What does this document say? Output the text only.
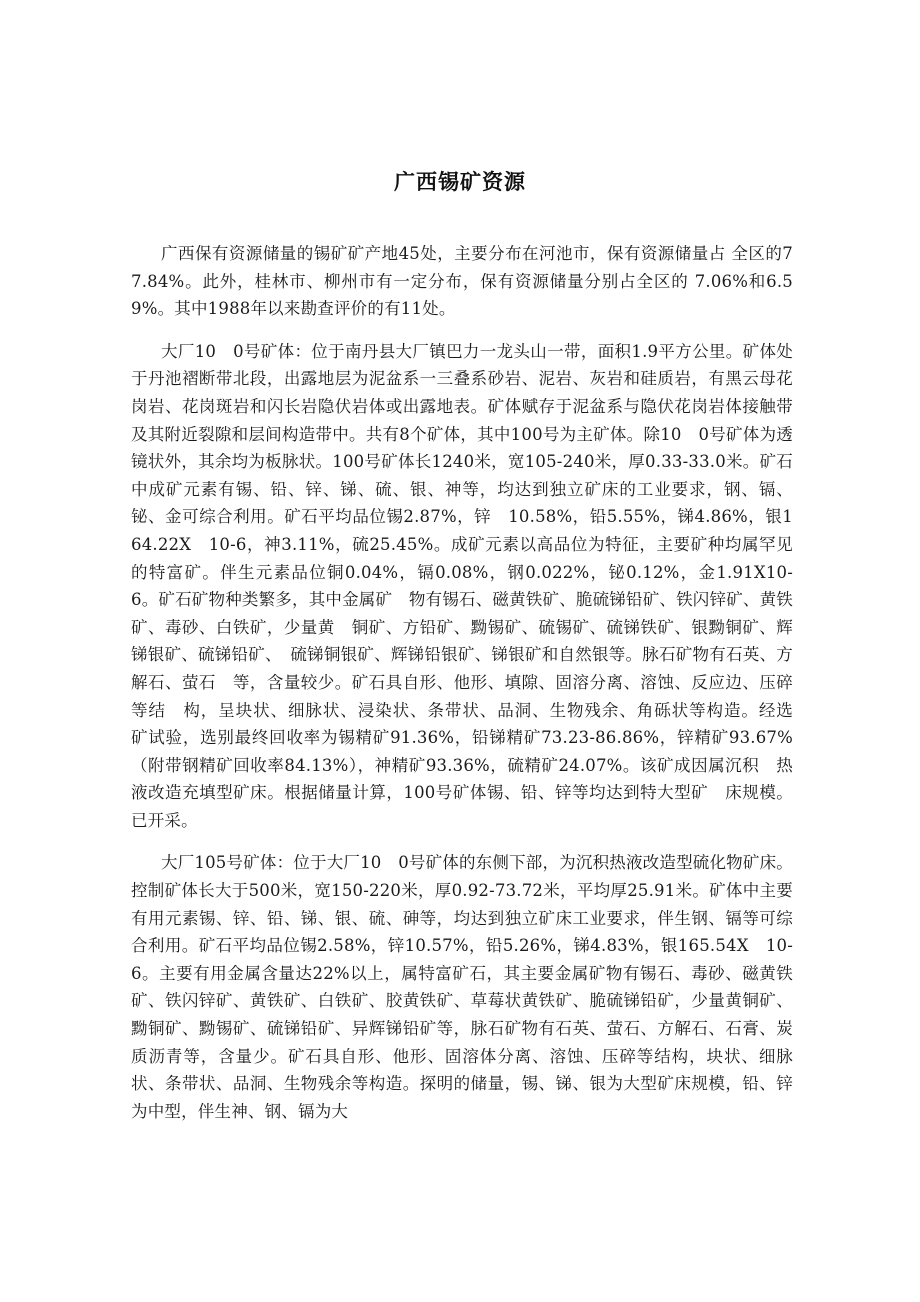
广西锡矿资源

广西保有资源储量的锡矿矿产地45处，主要分布在河池市，保有资源储量占 全区的77.84%。此外，桂林市、柳州市有一定分布，保有资源储量分别占全区的 7.06%和6.59%。其中1988年以来勘查评价的有11处。

大厂10　0号矿体：位于南丹县大厂镇巴力一龙头山一带，面积1.9平方公里。矿体处于丹池褶断带北段，出露地层为泥盆系一三叠系砂岩、泥岩、灰岩和硅质岩，有黑云母花岗岩、花岗斑岩和闪长岩隐伏岩体或出露地表。矿体赋存于泥盆系与隐伏花岗岩体接触带及其附近裂隙和层间构造带中。共有8个矿体，其中100号为主矿体。除10　0号矿体为透镜状外，其余均为板脉状。100号矿体长1240米，宽105-240米，厚0.33-33.0米。矿石中成矿元素有锡、铅、锌、锑、硫、银、神等，均达到独立矿床的工业要求，钢、镉、铋、金可综合利用。矿石平均品位锡2.87%，锌　10.58%，铅5.55%，锑4.86%，银164.22X　10-6，神3.11%，硫25.45%。成矿元素以高品位为特征，主要矿种均属罕见的特富矿。伴生元素品位铜0.04%，镉0.08%，钢0.022%，铋0.12%，金1.91X10-6。矿石矿物种类繁多，其中金属矿　物有锡石、磁黄铁矿、脆硫锑铅矿、铁闪锌矿、黄铁矿、毒砂、白铁矿，少量黄　铜矿、方铅矿、黝锡矿、硫锡矿、硫锑铁矿、银黝铜矿、辉锑银矿、硫锑铅矿、　硫锑铜银矿、辉锑铅银矿、锑银矿和自然银等。脉石矿物有石英、方解石、萤石　等，含量较少。矿石具自形、他形、填隙、固溶分离、溶蚀、反应边、压碎等结　构，呈块状、细脉状、浸染状、条带状、品洞、生物残余、角砾状等构造。经选　矿试验，选别最终回收率为锡精矿91.36%，铅锑精矿73.23-86.86%，锌精矿93.67%　（附带钢精矿回收率84.13%），神精矿93.36%，硫精矿24.07%。该矿成因属沉积　热液改造充填型矿床。根据储量计算，100号矿体锡、铅、锌等均达到特大型矿　床规模。已开采。

大厂105号矿体：位于大厂10　0号矿体的东侧下部，为沉积热液改造型硫化物矿床。控制矿体长大于500米，宽150-220米，厚0.92-73.72米，平均厚25.91米。矿体中主要有用元素锡、锌、铅、锑、银、硫、砷等，均达到独立矿床工业要求，伴生钢、镉等可综合利用。矿石平均品位锡2.58%，锌10.57%，铅5.26%，锑4.83%，银165.54X　10-6。主要有用金属含量达22%以上，属特富矿石，其主要金属矿物有锡石、毒砂、磁黄铁矿、铁闪锌矿、黄铁矿、白铁矿、胶黄铁矿、草莓状黄铁矿、脆硫锑铅矿，少量黄铜矿、黝铜矿、黝锡矿、硫锑铅矿、异辉锑铅矿等，脉石矿物有石英、萤石、方解石、石膏、炭质沥青等，含量少。矿石具自形、他形、固溶体分离、溶蚀、压碎等结构，块状、细脉状、条带状、品洞、生物残余等构造。探明的储量，锡、锑、银为大型矿床规模，铅、锌为中型，伴生神、钢、镉为大
